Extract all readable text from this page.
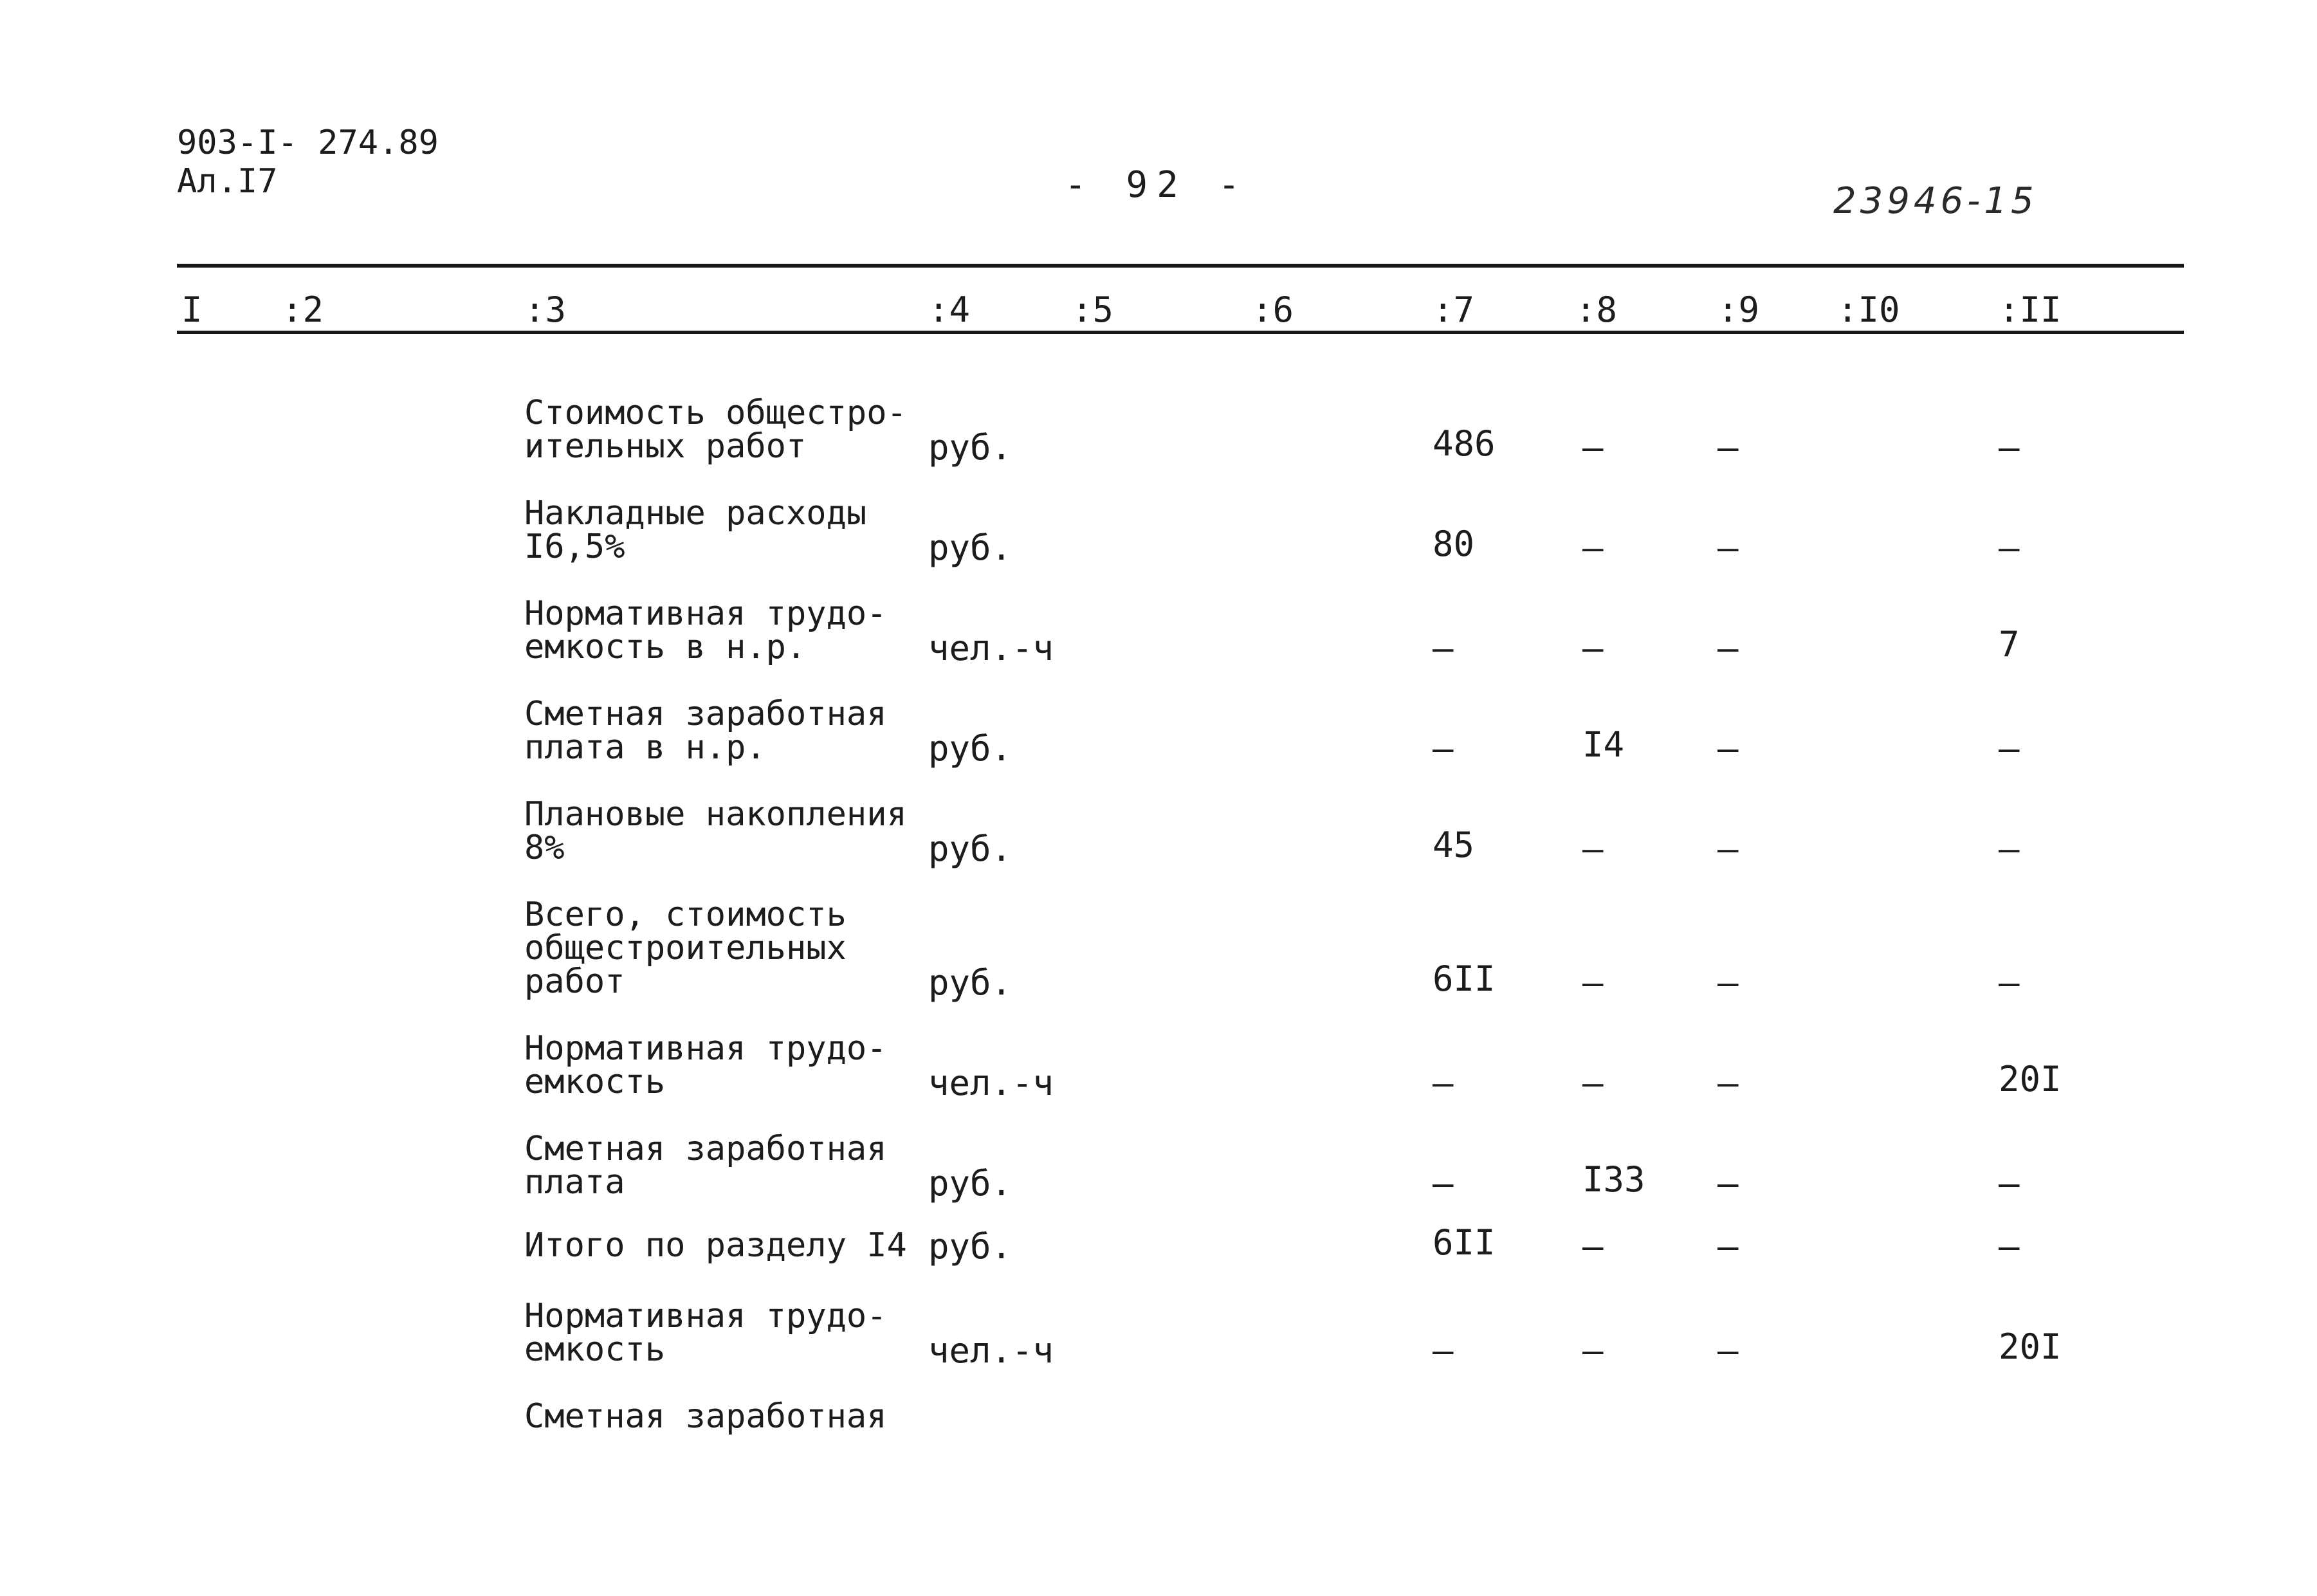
903-I- 274.89
Ал.I7	- 92 -	23946-15
I :2	:3	:4	:5	:6	:7	:8	:9 :I0	:II
Стоимость общестро-
ительных работ	руб.	486	–	–	–
Накладные расходы
I6,5%	руб.	80	–	–	–
Нормативная трудо-
емкость в н.р.	чел.-ч	–	–	–	7
Сметная заработная
плата в н.р.	руб.	–	I4	–	–
Плановые накопления
8%	руб.	45	–	–	–
Всего, стоимость
общестроительных
работ	руб.	6II	–	–	–
Нормативная трудо-
емкость	чел.-ч	–	–	–	20I
Сметная заработная
плата	руб.	–	I33 –	–
Итого по разделу I4 руб.	6II	–	–	–
Нормативная трудо-
емкость	чел.-ч	–	–	–	20I
Сметная заработная
